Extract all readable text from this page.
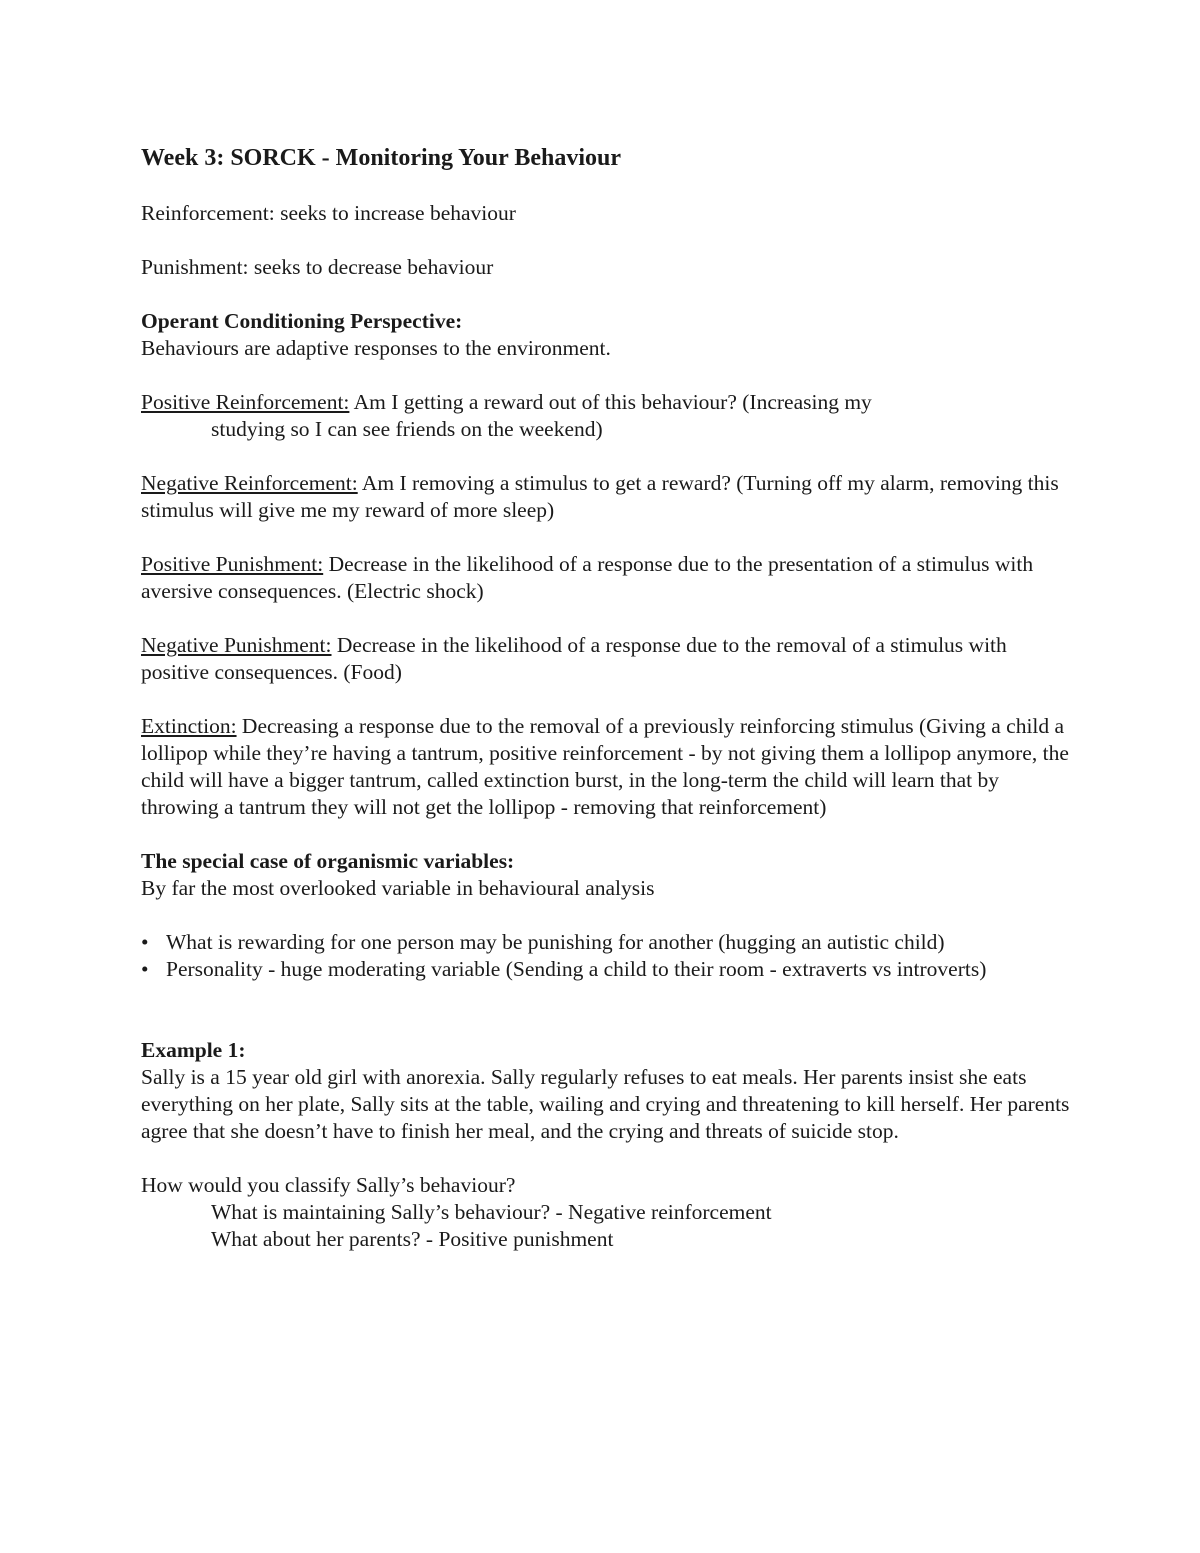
Week 3: SORCK - Monitoring Your Behaviour

Reinforcement: seeks to increase behaviour

Punishment: seeks to decrease behaviour

Operant Conditioning Perspective:

Behaviours are adaptive responses to the environment.

Positive Reinforcement: Am I getting a reward out of this behaviour? (Increasing my

studying so I can see friends on the weekend)

Negative Reinforcement: Am I removing a stimulus to get a reward? (Turning off my alarm, removing this stimulus will give me my reward of more sleep)

Positive Punishment: Decrease in the likelihood of a response due to the presentation of a stimulus with aversive consequences. (Electric shock)

Negative Punishment: Decrease in the likelihood of a response due to the removal of a stimulus with positive consequences. (Food)

Extinction: Decreasing a response due to the removal of a previously reinforcing stimulus (Giving a child a lollipop while they’re having a tantrum, positive reinforcement - by not giving them a lollipop anymore, the child will have a bigger tantrum, called extinction burst, in the long-term the child will learn that by throwing a tantrum they will not get the lollipop - removing that reinforcement)

The special case of organismic variables:

By far the most overlooked variable in behavioural analysis

• What is rewarding for one person may be punishing for another (hugging an autistic child)
• Personality - huge moderating variable (Sending a child to their room - extraverts vs introverts)
Example 1:

Sally is a 15 year old girl with anorexia. Sally regularly refuses to eat meals. Her parents insist she eats everything on her plate, Sally sits at the table, wailing and crying and threatening to kill herself. Her parents agree that she doesn’t have to finish her meal, and the crying and threats of suicide stop.

How would you classify Sally’s behaviour?
What is maintaining Sally’s behaviour? - Negative reinforcement
What about her parents? - Positive punishment
